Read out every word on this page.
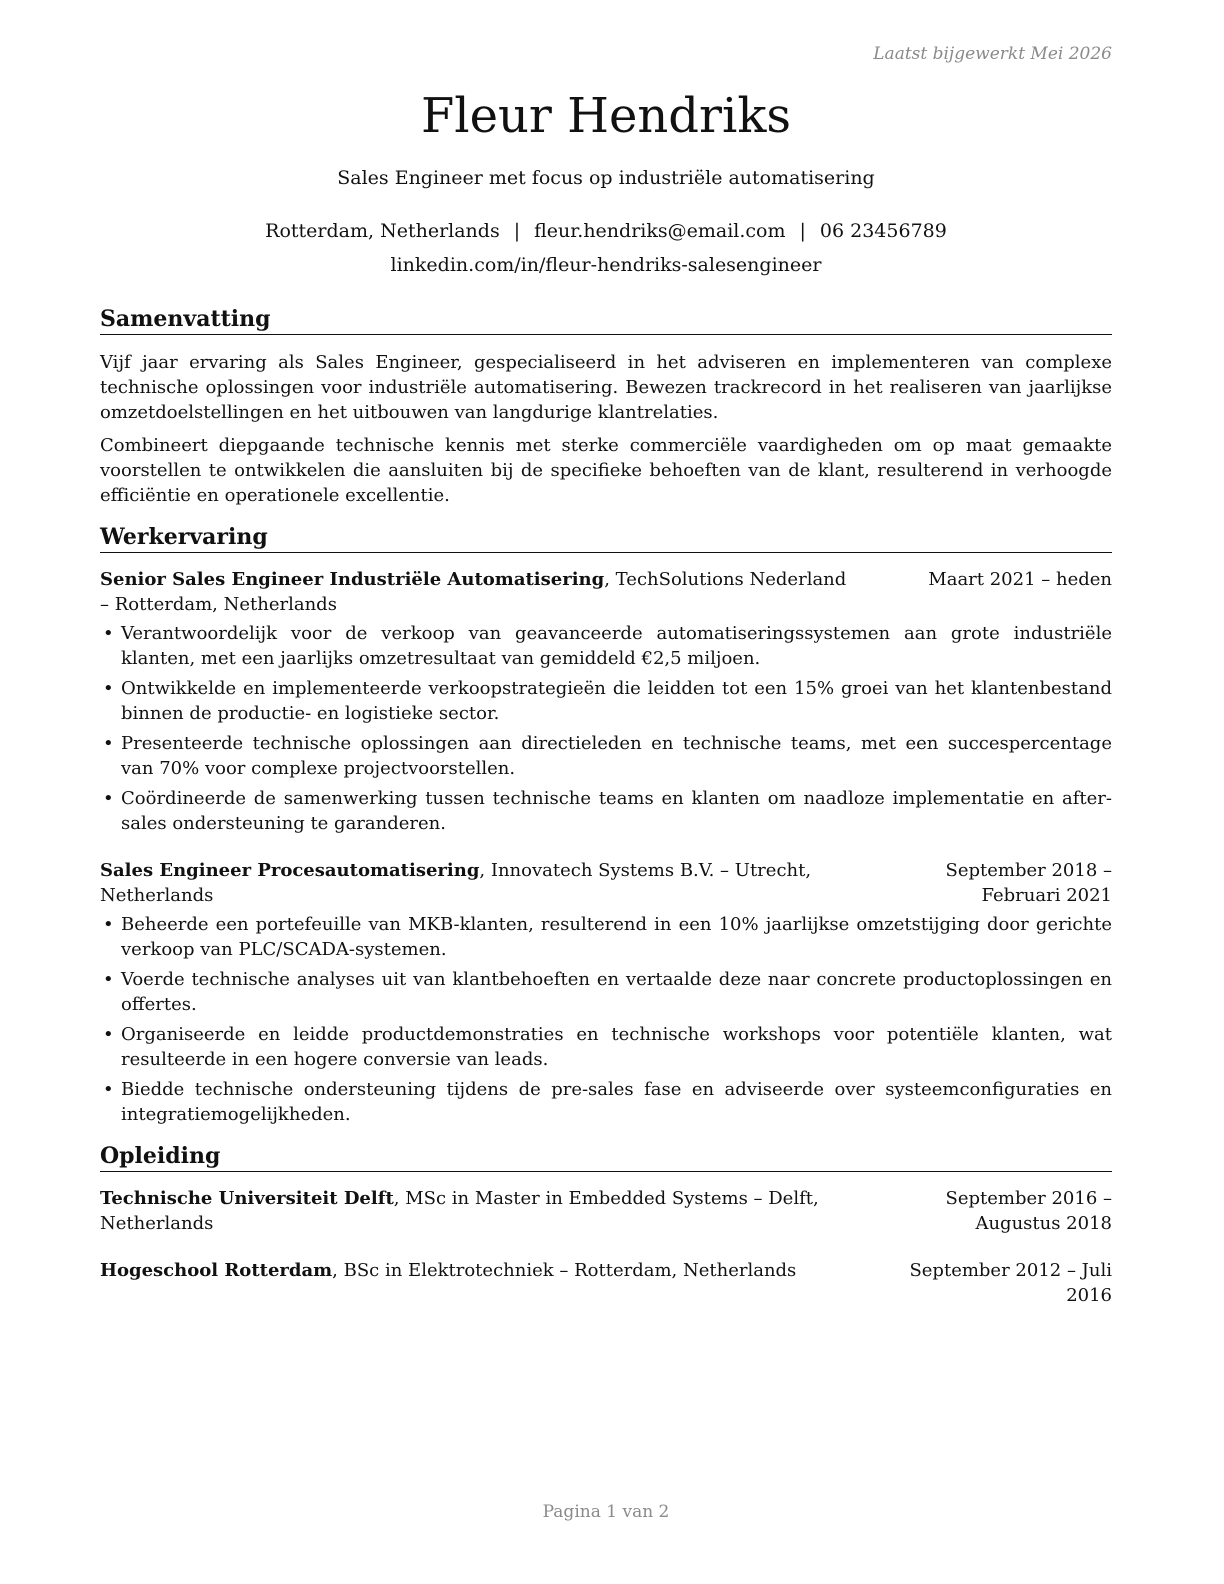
Laatst bijgewerkt Mei 2026
Fleur Hendriks
Sales Engineer met focus op industriële automatisering
Rotterdam, Netherlands | fleur.hendriks@email.com | 06 23456789
linkedin.com/in/fleur-hendriks-salesengineer
Samenvatting

Vijf jaar ervaring als Sales Engineer, gespecialiseerd in het adviseren en implementeren van complexe technische oplossingen voor industriële automatisering. Bewezen trackrecord in het realiseren van jaarlijkse omzetdoelstellingen en het uitbouwen van langdurige klantrelaties.

Combineert diepgaande technische kennis met sterke commerciële vaardigheden om op maat gemaakte voorstellen te ontwikkelen die aansluiten bij de specifieke behoeften van de klant, resulterend in verhoogde efficiëntie en operationele excellentie.

Werkervaring
Senior Sales Engineer Industriële Automatisering, TechSolutions Nederland – Rotterdam, Netherlands
Maart 2021 – heden
• Verantwoordelijk voor de verkoop van geavanceerde automatiseringssystemen aan grote industriële klanten, met een jaarlijks omzetresultaat van gemiddeld €2,5 miljoen.
• Ontwikkelde en implementeerde verkoopstrategieën die leidden tot een 15% groei van het klantenbestand binnen de productie- en logistieke sector.
• Presenteerde technische oplossingen aan directieleden en technische teams, met een succespercentage van 70% voor complexe projectvoorstellen.
• Coördineerde de samenwerking tussen technische teams en klanten om naadloze implementatie en after-sales ondersteuning te garanderen.
Sales Engineer Procesautomatisering, Innovatech Systems B.V. – Utrecht, Netherlands
September 2018 – Februari 2021
• Beheerde een portefeuille van MKB-klanten, resulterend in een 10% jaarlijkse omzetstijging door gerichte verkoop van PLC/SCADA-systemen.
• Voerde technische analyses uit van klantbehoeften en vertaalde deze naar concrete productoplossingen en offertes.
• Organiseerde en leidde productdemonstraties en technische workshops voor potentiële klanten, wat resulteerde in een hogere conversie van leads.
• Biedde technische ondersteuning tijdens de pre-sales fase en adviseerde over systeemconfiguraties en integratiemogelijkheden.
Opleiding
Technische Universiteit Delft, MSc in Master in Embedded Systems – Delft, Netherlands
September 2016 – Augustus 2018
Hogeschool Rotterdam, BSc in Elektrotechniek – Rotterdam, Netherlands	September 2012 – Juli 2016
Pagina 1 van 2
